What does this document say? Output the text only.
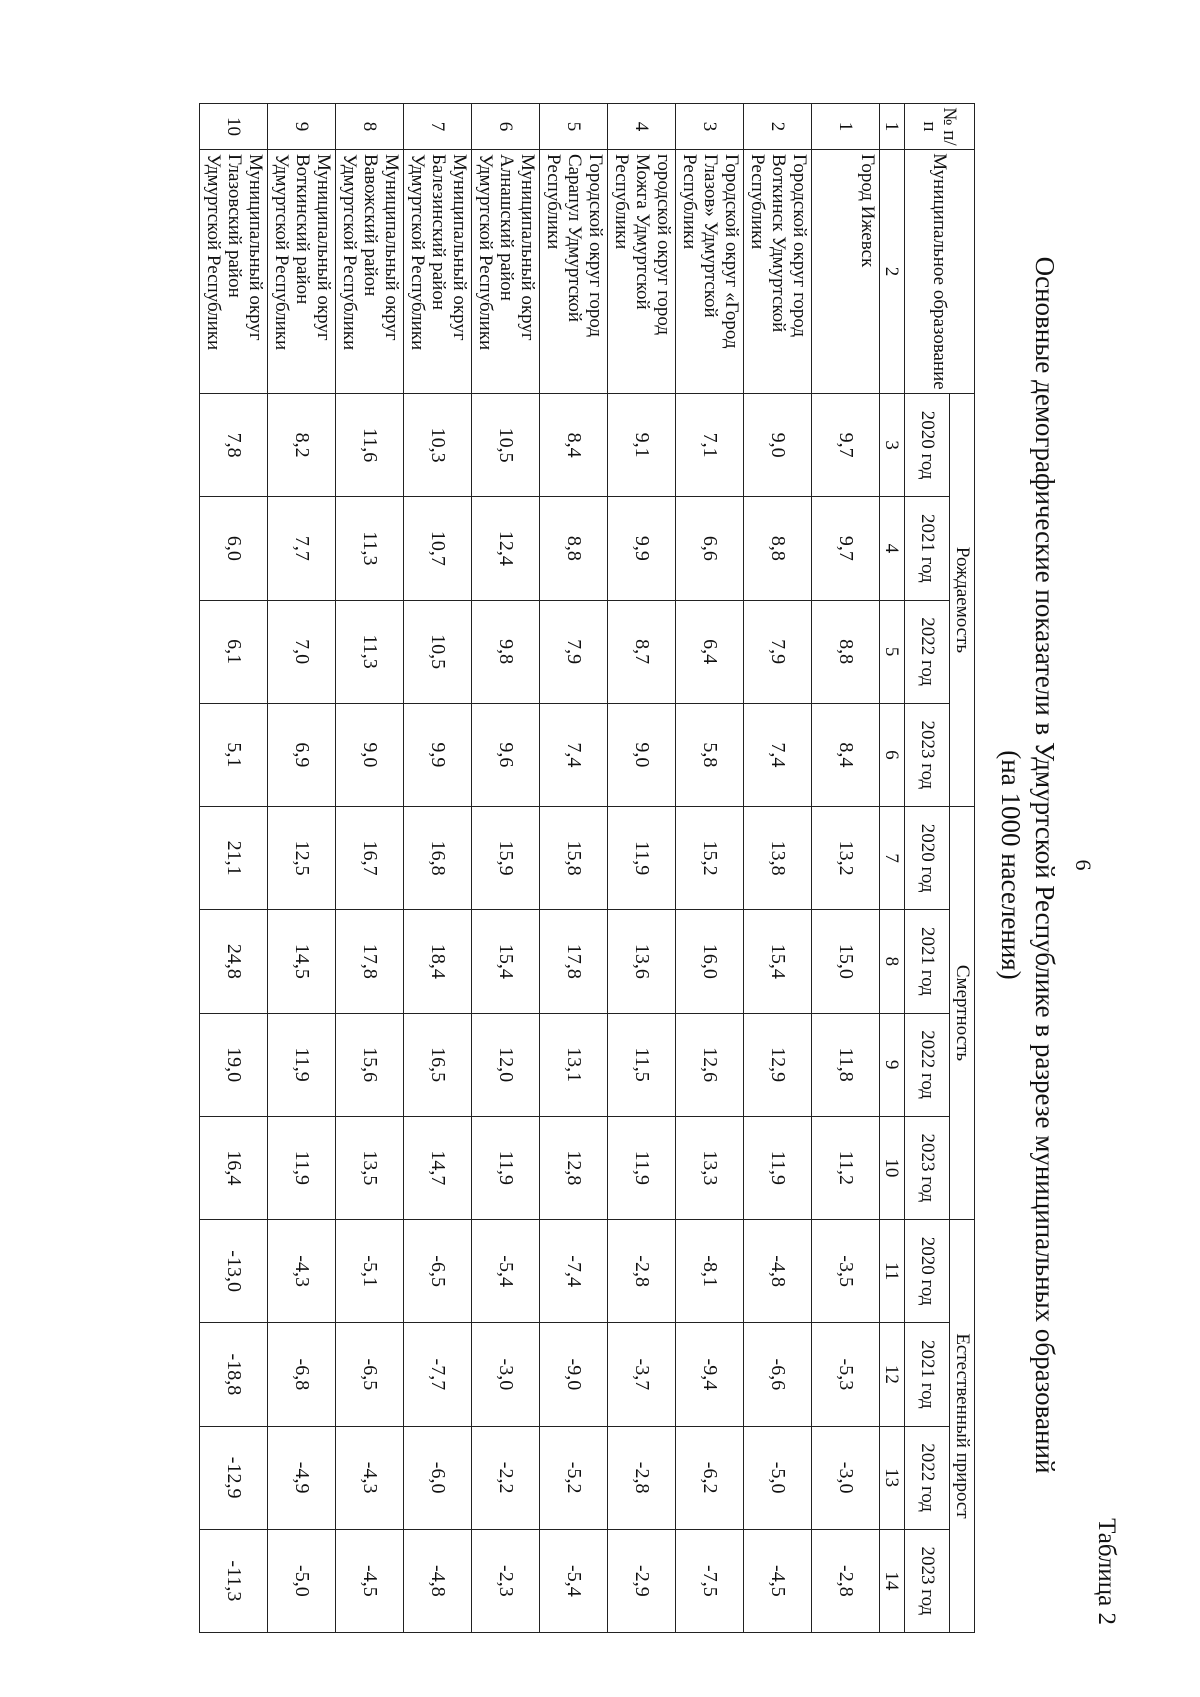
Таблица 2
6
Основные демографические показатели в Удмуртской Республике в разрезе муниципальных образований
(на 1000 населения)
№ п/п	Муниципальное образование	Рождаемость				Смертность				Естественный прирост			
		2020 год	2021 год	2022 год	2023 год	2020 год	2021 год	2022 год	2023 год	2020 год	2021 год	2022 год	2023 год
1	2	3	4	5	6	7	8	9	10	11	12	13	14
1	Город Ижевск	9,7	9,7	8,8	8,4	13,2	15,0	11,8	11,2	-3,5	-5,3	-3,0	-2,8
2	Городской округ город Воткинск Удмуртской Республики	9,0	8,8	7,9	7,4	13,8	15,4	12,9	11,9	-4,8	-6,6	-5,0	-4,5
3	Городской округ «Город Глазов» Удмуртской Республики	7,1	6,6	6,4	5,8	15,2	16,0	12,6	13,3	-8,1	-9,4	-6,2	-7,5
4	городской округ город Можга Удмуртской Республики	9,1	9,9	8,7	9,0	11,9	13,6	11,5	11,9	-2,8	-3,7	-2,8	-2,9
5	Городской округ город Сарапул Удмуртской Республики	8,4	8,8	7,9	7,4	15,8	17,8	13,1	12,8	-7,4	-9,0	-5,2	-5,4
6	Муниципальный округ Алнашский район Удмуртской Республики	10,5	12,4	9,8	9,6	15,9	15,4	12,0	11,9	-5,4	-3,0	-2,2	-2,3
7	Муниципальный округ Балезинский район Удмуртской Республики	10,3	10,7	10,5	9,9	16,8	18,4	16,5	14,7	-6,5	-7,7	-6,0	-4,8
8	Муниципальный округ Вавожский район Удмуртской Республики	11,6	11,3	11,3	9,0	16,7	17,8	15,6	13,5	-5,1	-6,5	-4,3	-4,5
9	Муниципальный округ Воткинский район Удмуртской Республики	8,2	7,7	7,0	6,9	12,5	14,5	11,9	11,9	-4,3	-6,8	-4,9	-5,0
10	Муниципальный округ Глазовский район Удмуртской Республики	7,8	6,0	6,1	5,1	21,1	24,8	19,0	16,4	-13,0	-18,8	-12,9	-11,3
